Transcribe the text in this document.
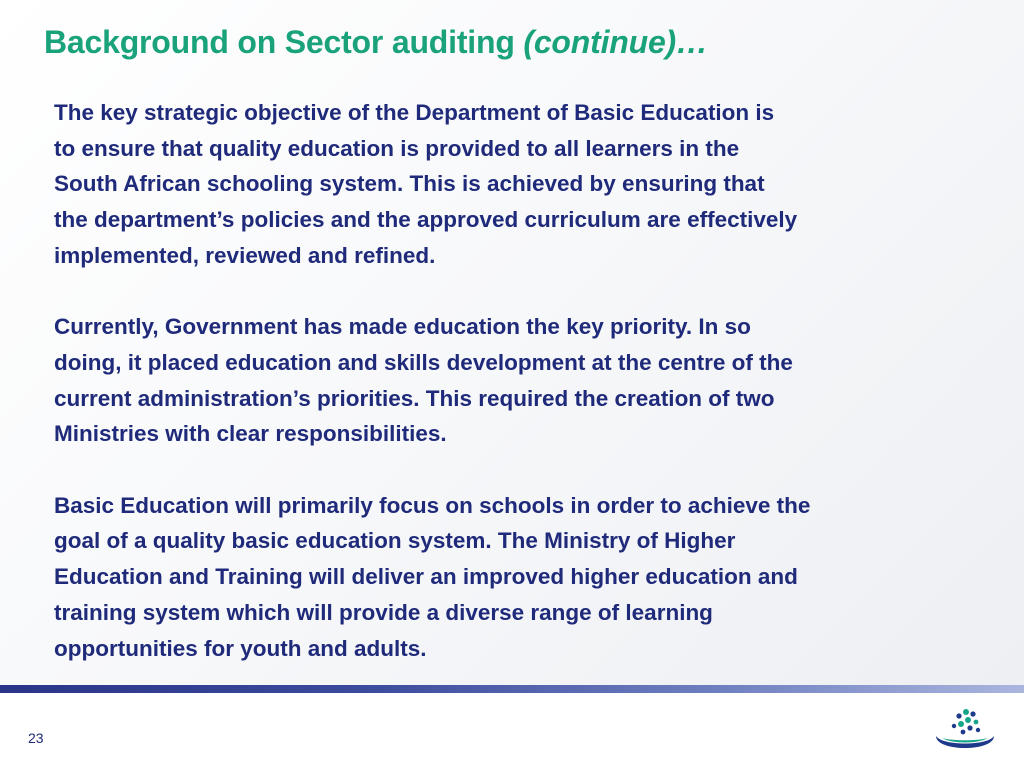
Background on Sector auditing (continue)…

The key strategic objective of the Department of Basic Education is
to ensure that quality education is provided to all learners in the
South African schooling system. This is achieved by ensuring that
the department’s policies and the approved curriculum are effectively
implemented, reviewed and refined.

Currently, Government has made education the key priority. In so
doing, it placed education and skills development at the centre of the
current administration’s priorities. This required the creation of two
Ministries with clear responsibilities.

Basic Education will primarily focus on schools in order to achieve the
goal of a quality basic education system. The Ministry of Higher
Education and Training will deliver an improved higher education and
training system which will provide a diverse range of learning
opportunities for youth and adults.

23
